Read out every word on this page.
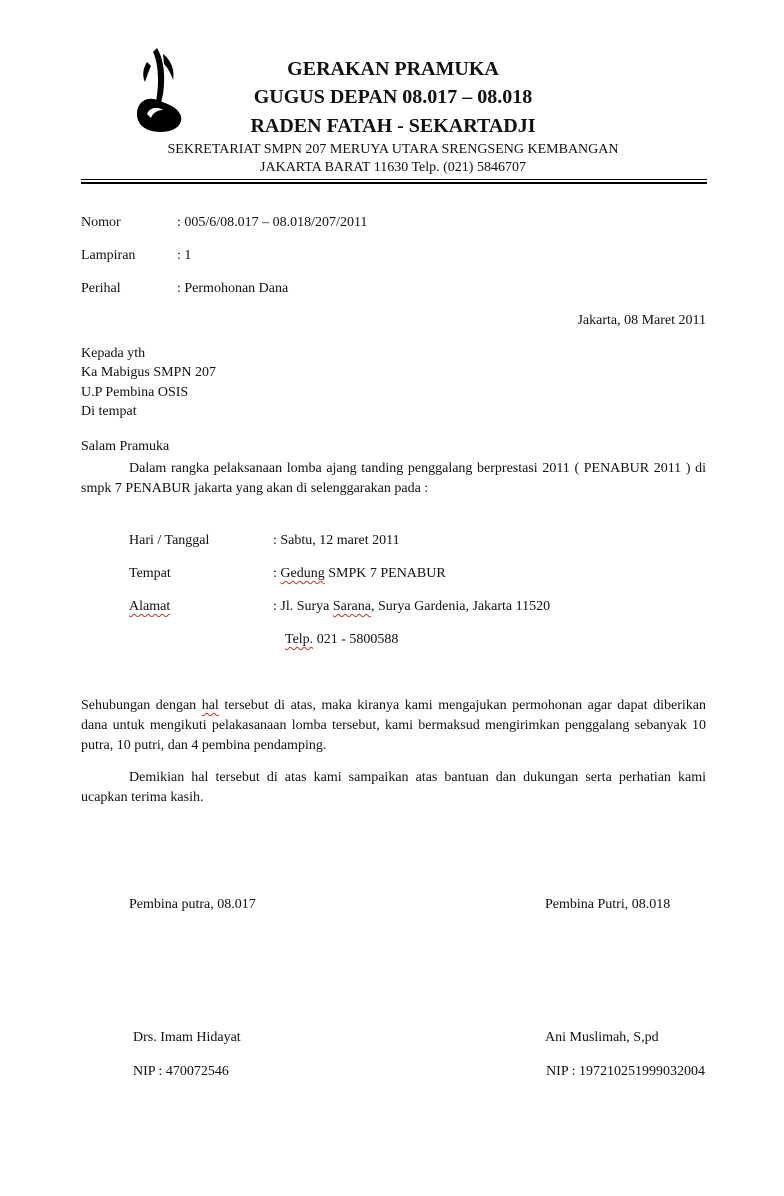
GERAKAN PRAMUKA
GUGUS DEPAN 08.017 – 08.018
RADEN FATAH - SEKARTADJI
SEKRETARIAT SMPN 207 MERUYA UTARA SRENGSENG KEMBANGAN
JAKARTA BARAT 11630 Telp. (021) 5846707
Nomor	: 005/6/08.017 – 08.018/207/2011
Lampiran	: 1
Perihal	: Permohonan Dana
Jakarta, 08 Maret 2011
Kepada yth
Ka Mabigus SMPN 207
U.P Pembina OSIS
Di tempat
Salam Pramuka
Dalam rangka pelaksanaan lomba ajang tanding penggalang berprestasi 2011 ( PENABUR 2011 ) di smpk 7 PENABUR jakarta yang akan di selenggarakan pada :
Hari / Tanggal	: Sabtu, 12 maret 2011
Tempat	: Gedung SMPK 7 PENABUR
Alamat	: Jl. Surya Sarana, Surya Gardenia, Jakarta 11520
Telp. 021 - 5800588
Sehubungan dengan hal tersebut di atas, maka kiranya kami mengajukan permohonan agar dapat diberikan dana untuk mengikuti pelakasanaan lomba tersebut, kami bermaksud mengirimkan penggalang sebanyak 10 putra, 10 putri, dan 4 pembina pendamping.
Demikian hal tersebut di atas kami sampaikan atas bantuan dan dukungan serta perhatian kami ucapkan terima kasih.
Pembina putra, 08.017	Pembina Putri, 08.018
Drs. Imam Hidayat	Ani Muslimah, S,pd
NIP : 470072546	NIP : 197210251999032004
